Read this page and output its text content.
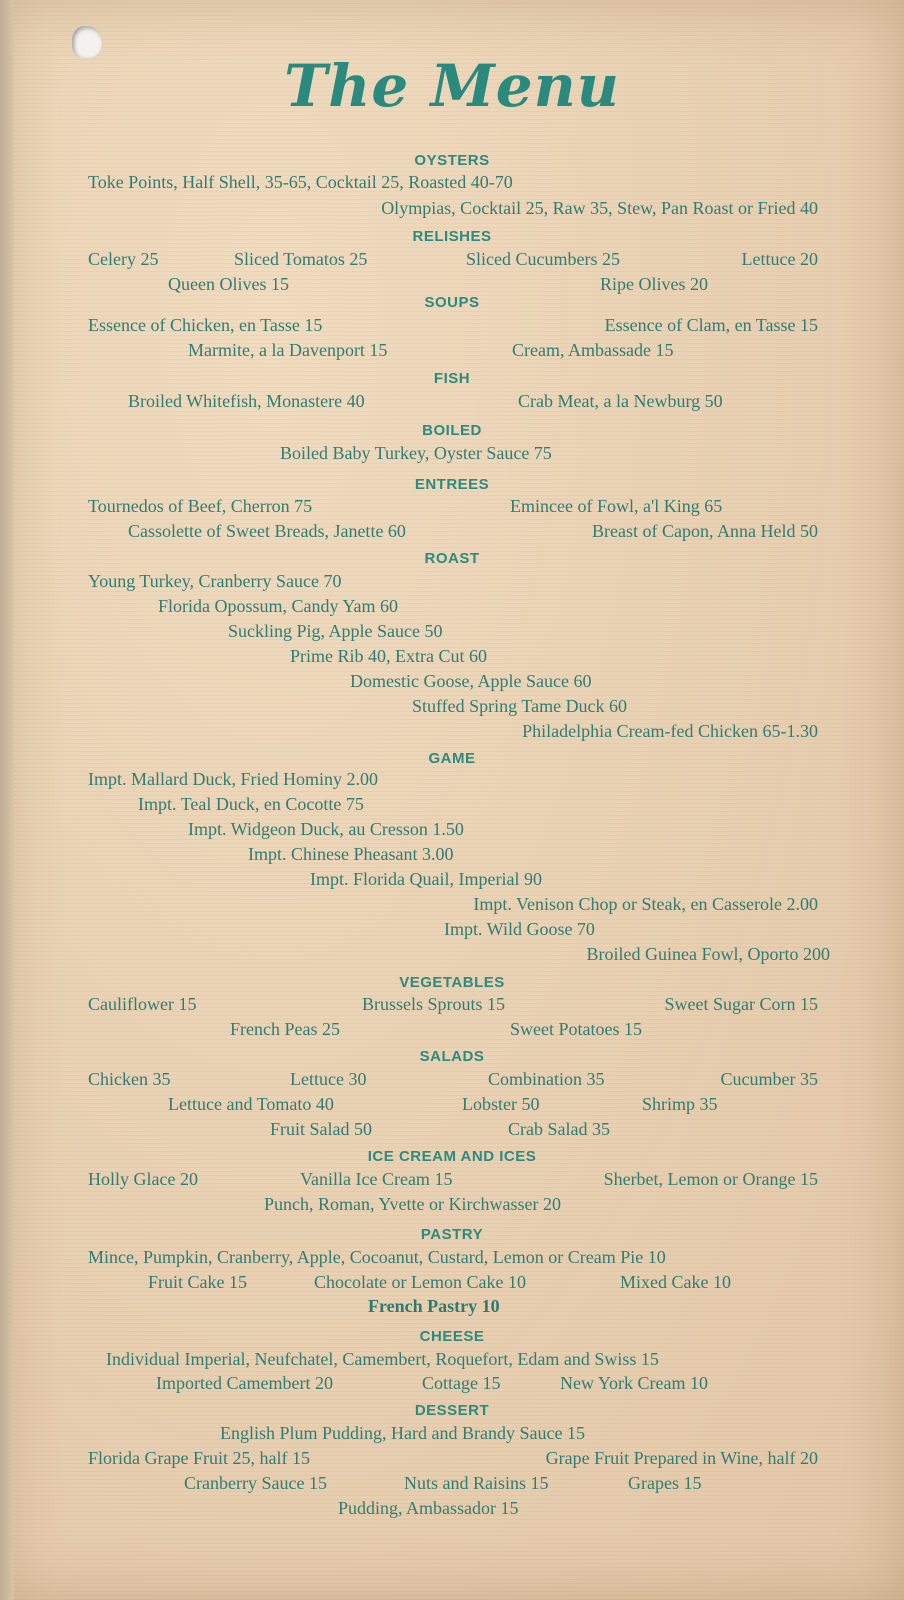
The Menu
OYSTERS
Toke Points, Half Shell, 35-65, Cocktail 25, Roasted 40-70
Olympias, Cocktail 25, Raw 35, Stew, Pan Roast or Fried 40
RELISHES
Celery 25	Sliced Tomatos 25	Sliced Cucumbers 25	Lettuce 20
Queen Olives 15	Ripe Olives 20
SOUPS
Essence of Chicken, en Tasse 15	Essence of Clam, en Tasse 15
Marmite, a la Davenport 15	Cream, Ambassade 15
FISH
Broiled Whitefish, Monastere 40	Crab Meat, a la Newburg 50
BOILED
Boiled Baby Turkey, Oyster Sauce 75
ENTREES
Tournedos of Beef, Cherron 75	Emincee of Fowl, a'l King 65
Cassolette of Sweet Breads, Janette 60	Breast of Capon, Anna Held 50
ROAST
Young Turkey, Cranberry Sauce 70
Florida Opossum, Candy Yam 60
Suckling Pig, Apple Sauce 50
Prime Rib 40, Extra Cut 60
Domestic Goose, Apple Sauce 60
Stuffed Spring Tame Duck 60
Philadelphia Cream-fed Chicken 65-1.30
GAME
Impt. Mallard Duck, Fried Hominy 2.00
Impt. Teal Duck, en Cocotte 75
Impt. Widgeon Duck, au Cresson 1.50
Impt. Chinese Pheasant 3.00
Impt. Florida Quail, Imperial 90
Impt. Venison Chop or Steak, en Casserole 2.00
Impt. Wild Goose 70
Broiled Guinea Fowl, Oporto 200
VEGETABLES
Cauliflower 15	Brussels Sprouts 15	Sweet Sugar Corn 15
French Peas 25	Sweet Potatoes 15
SALADS
Chicken 35	Lettuce 30	Combination 35	Cucumber 35
Lettuce and Tomato 40	Lobster 50	Shrimp 35
Fruit Salad 50	Crab Salad 35
ICE CREAM AND ICES
Holly Glace 20	Vanilla Ice Cream 15	Sherbet, Lemon or Orange 15
Punch, Roman, Yvette or Kirchwasser 20
PASTRY
Mince, Pumpkin, Cranberry, Apple, Cocoanut, Custard, Lemon or Cream Pie 10
Fruit Cake 15	Chocolate or Lemon Cake 10	Mixed Cake 10
French Pastry 10
CHEESE
Individual Imperial, Neufchatel, Camembert, Roquefort, Edam and Swiss 15
Imported Camembert 20	Cottage 15	New York Cream 10
DESSERT
English Plum Pudding, Hard and Brandy Sauce 15
Florida Grape Fruit 25, half 15	Grape Fruit Prepared in Wine, half 20
Cranberry Sauce 15	Nuts and Raisins 15	Grapes 15
Pudding, Ambassador 15
